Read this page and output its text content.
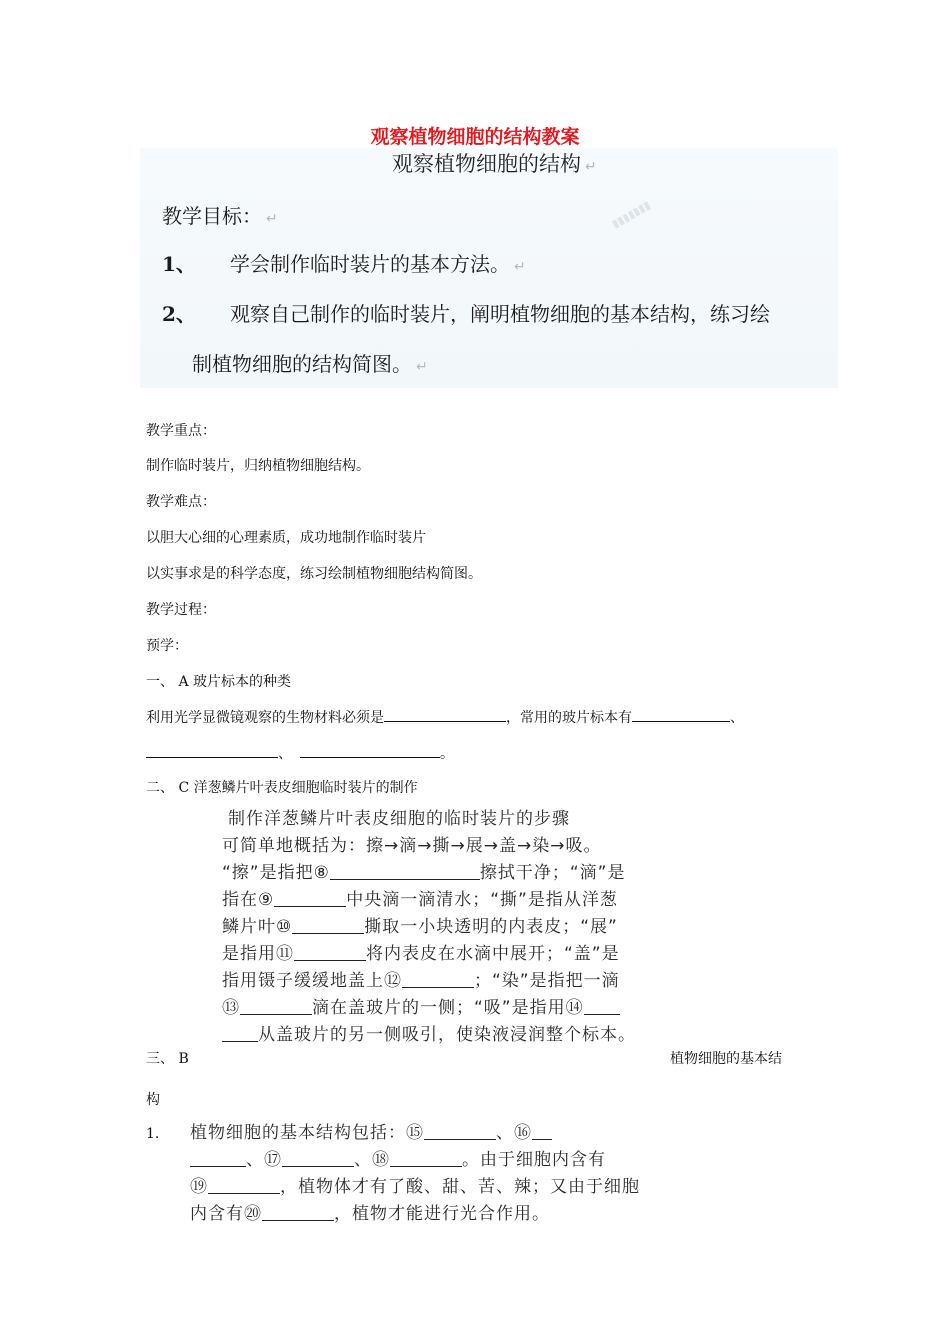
观察植物细胞的结构教案
▮▮▮▮▮▮▮
观察植物细胞的结构 ↵
教学目标： ↵
1、 学会制作临时装片的基本方法。 ↵
2、 观察自己制作的临时装片，阐明植物细胞的基本结构，练习绘
制植物细胞的结构简图。 ↵
教学重点：
制作临时装片，归纳植物细胞结构。
教学难点：
以胆大心细的心理素质，成功地制作临时装片
以实事求是的科学态度，练习绘制植物细胞结构简图。
教学过程：
预学：
一、 A 玻片标本的种类
利用光学显微镜观察的生物材料必须是	，常用的玻片标本有	、
、	。
二、 C 洋葱鳞片叶表皮细胞临时装片的制作
制作洋葱鳞片叶表皮细胞的临时装片的步骤
可简单地概括为：擦→滴→撕→展→盖→染→吸。
“擦”是指把⑧	擦拭干净；“滴”是
指在⑨	中央滴一滴清水；“撕”是指从洋葱
鳞片叶⑩	撕取一小块透明的内表皮；“展”
是指用⑪	将内表皮在水滴中展开；“盖”是
指用镊子缓缓地盖上⑫	；“染”是指把一滴
⑬	滴在盖玻片的一侧；“吸”是指用⑭
从盖玻片的另一侧吸引，使染液浸润整个标本。
三、 B	植物细胞的基本结
构
1. 植物细胞的基本结构包括：⑮	、⑯
、⑰	、⑱	。由于细胞内含有
⑲	，植物体才有了酸、甜、苦、辣；又由于细胞
内含有⑳	，植物才能进行光合作用。
